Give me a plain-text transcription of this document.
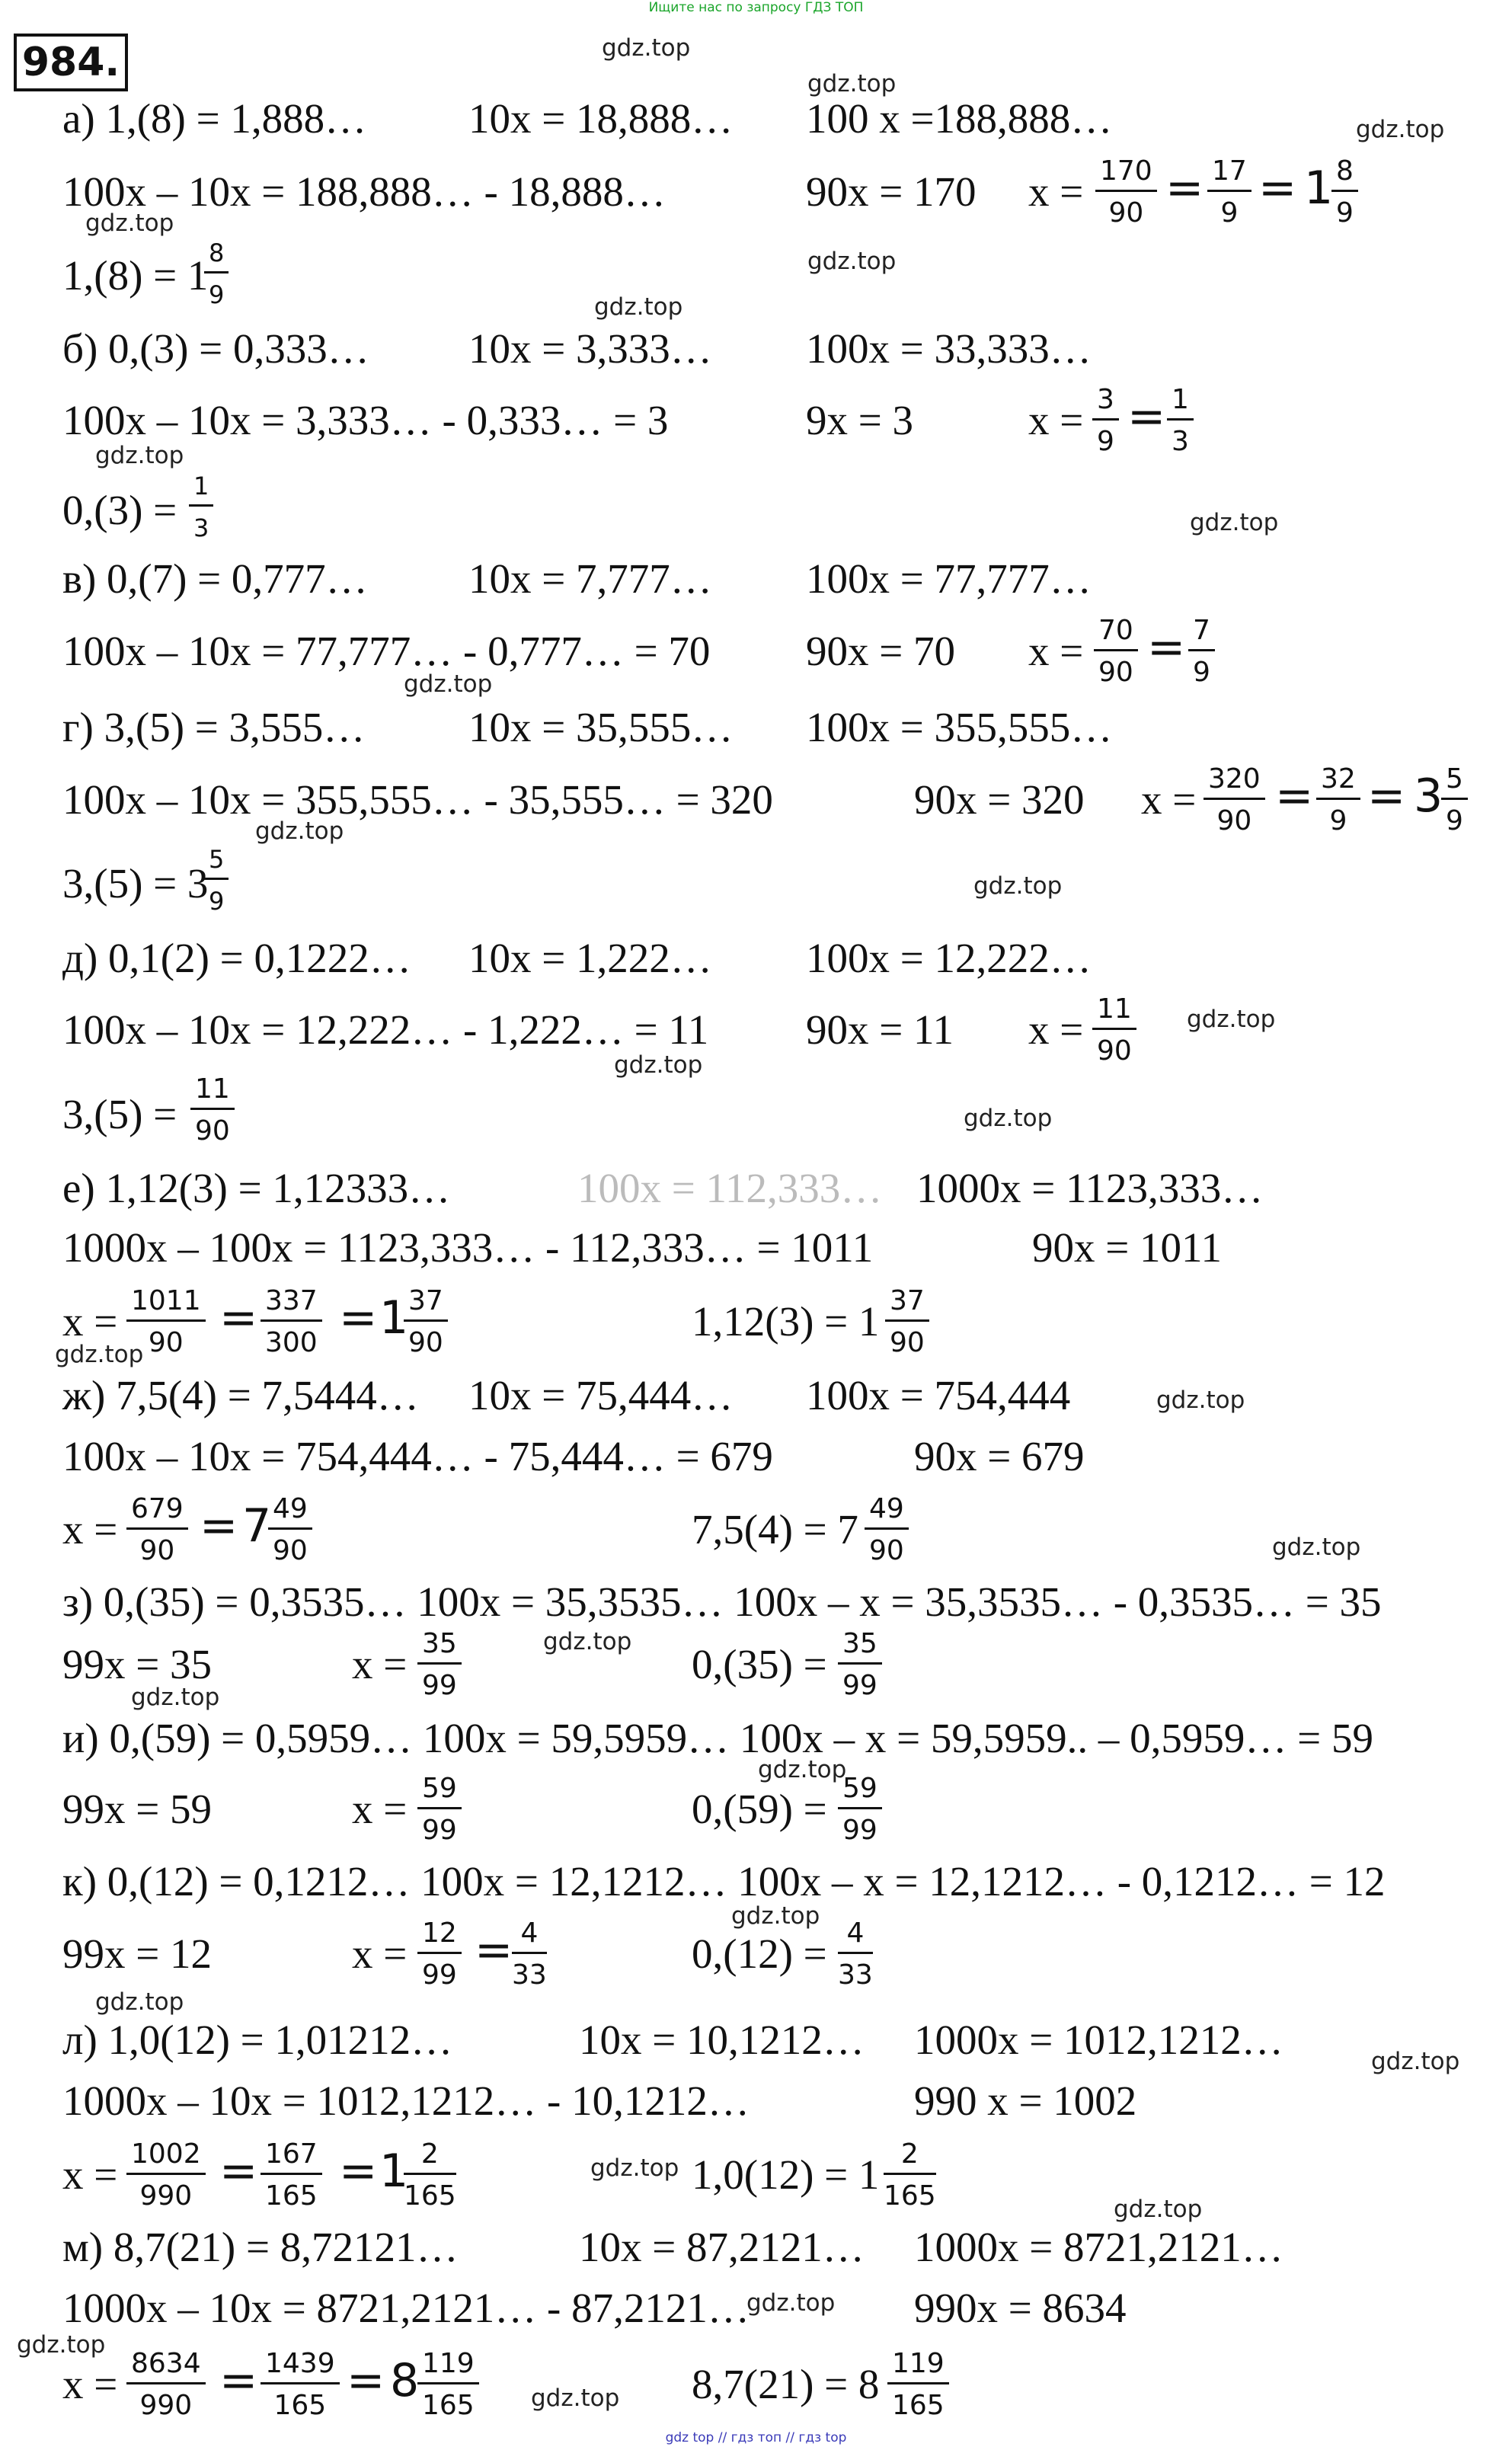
Ищите нас по запросу ГДЗ ТОП
984.	gdz.top
gdz.top
gdz.top
gdz.top
gdz.top
gdz.top
gdz.top
gdz.top
gdz.top
gdz.top
gdz.top
gdz.top
gdz.top
gdz.top
gdz.top
gdz.top
gdz.top
gdz.top
gdz.top
gdz.top
gdz.top
gdz.top
gdz.top
gdz.top
gdz.top
gdz.top
gdz.top
gdz.top
а) 1,(8) = 1,888… 10x = 18,888… 100 x =188,888…
100x – 10x = 188,888… - 18,888…	90x = 170 x = 170
90 = 17
9 = 1 8
9
1,(8) = 1 8
9
б) 0,(3) = 0,333… 10x = 3,333… 100x = 33,333…
100x – 10x = 3,333… - 0,333… = 3	9x = 3	x = 3
9 = 1
3
0,(3) =
1
3
в) 0,(7) = 0,777… 10x = 7,777… 100x = 77,777…
100x – 10x = 77,777… - 0,777… = 70 90x = 70 x = 70
90 = 7
9
г) 3,(5) = 3,555… 10x = 35,555… 100x = 355,555…
100x – 10x = 355,555… - 35,555… = 320	90x = 320 x = 320
90 = 32
9 = 3 5
9
3,(5) = 3
5
9
д) 0,1(2) = 0,1222… 10x = 1,222… 100x = 12,222…
100x – 10x = 12,222… - 1,222… = 11 90x = 11 x = 11
90
3,(5) =
11
90
е) 1,12(3) = 1,12333…	100x = 112,333… 1000x = 1123,333…
1000x – 100x = 1123,333… - 112,333… = 1011	90x = 1011
x = 1011
90 = 337
300 = 1 37
90	1,12(3) = 1 37
90
ж) 7,5(4) = 7,5444… 10x = 75,444… 100x = 754,444
100x – 10x = 754,444… - 75,444… = 679	90x = 679
x = 679
90 = 7 49
90	7,5(4) = 7 49
90
з) 0,(35) = 0,3535… 100x = 35,3535… 100x – x = 35,3535… - 0,3535… = 35
99x = 35	x = 35
99	0,(35) = 35
99
и) 0,(59) = 0,5959… 100x = 59,5959… 100x – x = 59,5959.. – 0,5959… = 59
99x = 59	x = 59
99	0,(59) = 59
99
к) 0,(12) = 0,1212… 100x = 12,1212… 100x – x = 12,1212… - 0,1212… = 12
99x = 12	x = 12
99 = 4
33	0,(12) = 4
33
л) 1,0(12) = 1,01212…	10x = 10,1212… 1000x = 1012,1212…
1000x – 10x = 1012,1212… - 10,1212…	990 x = 1002
x = 1002
990 = 167
165 = 1 2
165	1,0(12) = 1 2
165
м) 8,7(21) = 8,72121…	10x = 87,2121… 1000x = 8721,2121…
1000x – 10x = 8721,2121… - 87,2121…	990x = 8634
x = 8634
990 = 1439
165 = 8 119
165	8,7(21) = 8 119
165
gdz top // гдз топ // гдз top
